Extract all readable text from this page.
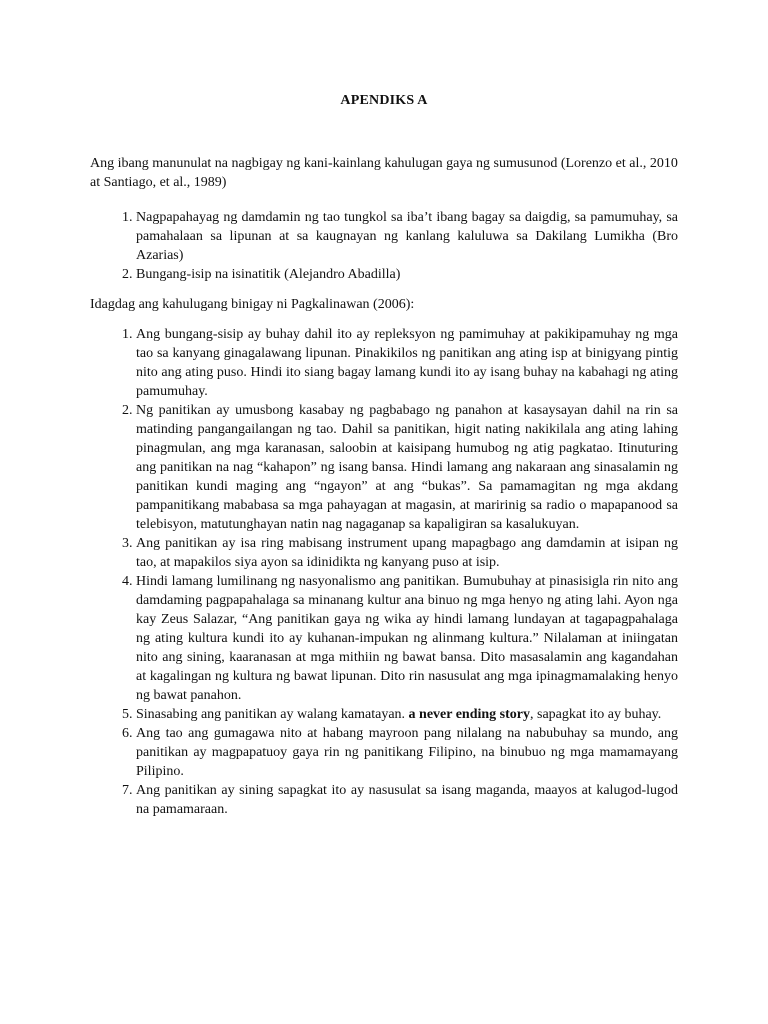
APENDIKS A

Ang ibang manunulat na nagbigay ng kani-kainlang kahulugan gaya ng sumusunod (Lorenzo et al., 2010 at Santiago, et al., 1989)

1. Nagpapahayag ng damdamin ng tao tungkol sa iba’t ibang bagay sa daigdig, sa pamumuhay, sa pamahalaan sa lipunan at sa kaugnayan ng kanlang kaluluwa sa Dakilang Lumikha (Bro Azarias)
2. Bungang-isip na isinatitik (Alejandro Abadilla)

Idagdag ang kahulugang binigay ni Pagkalinawan (2006):

1. Ang bungang-sisip ay buhay dahil ito ay repleksyon ng pamimuhay at pakikipamuhay ng mga tao sa kanyang ginagalawang lipunan. Pinakikilos ng panitikan ang ating isp at binigyang pintig nito ang ating puso. Hindi ito siang bagay lamang kundi ito ay isang buhay na kabahagi ng ating pamumuhay.
2. Ng panitikan ay umusbong kasabay ng pagbabago ng panahon at kasaysayan dahil na rin sa matinding pangangailangan ng tao. Dahil sa panitikan, higit nating nakikilala ang ating lahing pinagmulan, ang mga karanasan, saloobin at kaisipang humubog ng atig pagkatao. Itinuturing ang panitikan na nag “kahapon” ng isang bansa. Hindi lamang ang nakaraan ang sinasalamin ng panitikan kundi maging ang “ngayon” at ang “bukas”. Sa pamamagitan ng mga akdang pampanitikang mababasa sa mga pahayagan at magasin, at maririnig sa radio o mapapanood sa telebisyon, matutunghayan natin nag nagaganap sa kapaligiran sa kasalukuyan.
3. Ang panitikan ay isa ring mabisang instrument upang mapagbago ang damdamin at isipan ng tao, at mapakilos siya ayon sa idinidikta ng kanyang puso at isip.
4. Hindi lamang lumilinang ng nasyonalismo ang panitikan. Bumubuhay at pinasisigla rin nito ang damdaming pagpapahalaga sa minanang kultur ana binuo ng mga henyo ng ating lahi. Ayon nga kay Zeus Salazar, “Ang panitikan gaya ng wika ay hindi lamang lundayan at tagapagpahalaga ng ating kultura kundi ito ay kuhanan-impukan ng alinmang kultura.” Nilalaman at iniingatan nito ang sining, kaaranasan at mga mithiin ng bawat bansa. Dito masasalamin ang kagandahan at kagalingan ng kultura ng bawat lipunan. Dito rin nasusulat ang mga ipinagmamalaking henyo ng bawat panahon.
5. Sinasabing ang panitikan ay walang kamatayan. a never ending story, sapagkat ito ay buhay.
6. Ang tao ang gumagawa nito at habang mayroon pang nilalang na nabubuhay sa mundo, ang panitikan ay magpapatuoy gaya rin ng panitikang Filipino, na binubuo ng mga mamamayang Pilipino.
7. Ang panitikan ay sining sapagkat ito ay nasusulat sa isang maganda, maayos at kalugod-lugod na pamamaraan.
